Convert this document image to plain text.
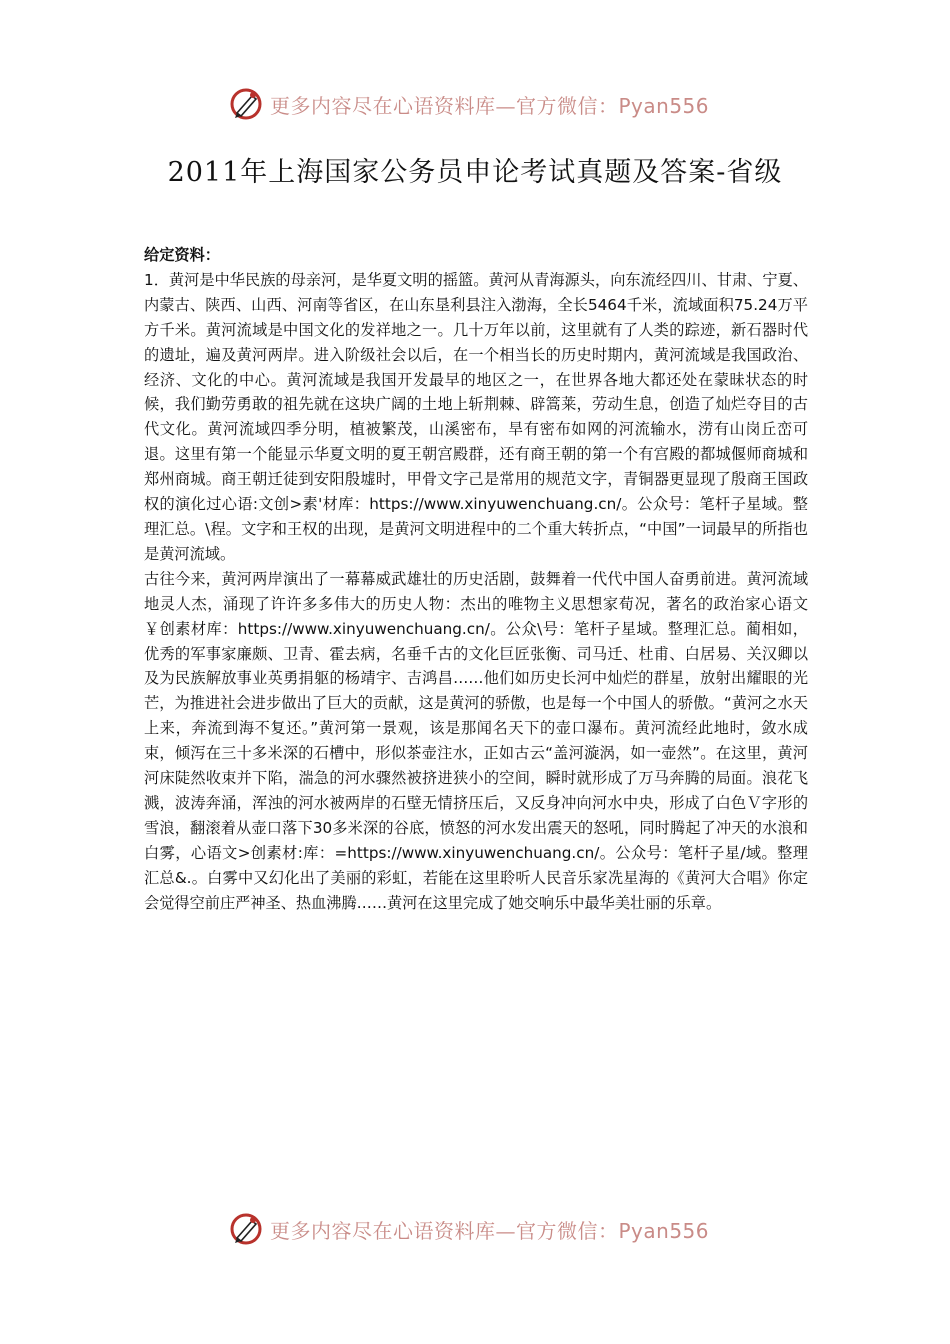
更多内容尽在心语资料库—官方微信：Pyan556
2011年上海国家公务员申论考试真题及答案-省级

给定资料：

1．黄河是中华民族的母亲河，是华夏文明的摇篮。黄河从青海源头，向东流经四川、甘肃、宁夏、内蒙古、陕西、山西、河南等省区，在山东垦利县注入渤海，全长5464千米，流域面积75.24万平方千米。黄河流域是中国文化的发祥地之一。几十万年以前，这里就有了人类的踪迹，新石器时代的遗址，遍及黄河两岸。进入阶级社会以后，在一个相当长的历史时期内，黄河流域是我国政治、经济、文化的中心。黄河流域是我国开发最早的地区之一，在世界各地大都还处在蒙昧状态的时候，我们勤劳勇敢的祖先就在这块广阔的土地上斩荆棘、辟篙莱，劳动生息，创造了灿烂夺目的古代文化。黄河流域四季分明，植被繁茂，山溪密布，旱有密布如网的河流输水，涝有山岗丘峦可退。这里有第一个能显示华夏文明的夏王朝宫殿群，还有商王朝的第一个有宫殿的都城偃师商城和郑州商城。商王朝迁徒到安阳殷墟时，甲骨文字己是常用的规范文字，青铜器更显现了殷商王国政权的演化过心语:文创>素'材库：https://www.xinyuwenchuang.cn/。公众号：笔杆子星域。整理汇总。\程。文字和王权的出现，是黄河文明进程中的二个重大转折点，“中国”一词最早的所指也是黄河流域。

古往今来，黄河两岸演出了一幕幕威武雄壮的历史活剧，鼓舞着一代代中国人奋勇前进。黄河流域地灵人杰，涌现了许许多多伟大的历史人物：杰出的唯物主义思想家荀况，著名的政治家心语文￥创素材库：https://www.xinyuwenchuang.cn/。公众\号：笔杆子星域。整理汇总。蔺相如，优秀的军事家廉颇、卫青、霍去病，名垂千古的文化巨匠张衡、司马迁、杜甫、白居易、关汉卿以及为民族解放事业英勇捐躯的杨靖宇、吉鸿昌……他们如历史长河中灿烂的群星，放射出耀眼的光芒，为推进社会进步做出了巨大的贡献，这是黄河的骄傲，也是每一个中国人的骄傲。“黄河之水天上来，奔流到海不复还。”黄河第一景观，该是那闻名天下的壶口瀑布。黄河流经此地时，敛水成束，倾泻在三十多米深的石槽中，形似茶壶注水，正如古云“盖河漩涡，如一壶然”。在这里，黄河河床陡然收束并下陷，湍急的河水骤然被挤进狭小的空间，瞬时就形成了万马奔腾的局面。浪花飞溅，波涛奔涌，浑浊的河水被两岸的石壁无情挤压后，又反身冲向河水中央，形成了白色Ｖ字形的雪浪，翻滚着从壶口落下30多米深的谷底，愤怒的河水发出震天的怒吼，同时腾起了冲天的水浪和白雾，心语文>创素材:库：=https://www.xinyuwenchuang.cn/。公众号：笔杆子星/域。整理汇总&.。白雾中又幻化出了美丽的彩虹，若能在这里聆听人民音乐家冼星海的《黄河大合唱》你定会觉得空前庄严神圣、热血沸腾……黄河在这里完成了她交响乐中最华美壮丽的乐章。

更多内容尽在心语资料库—官方微信：Pyan556
